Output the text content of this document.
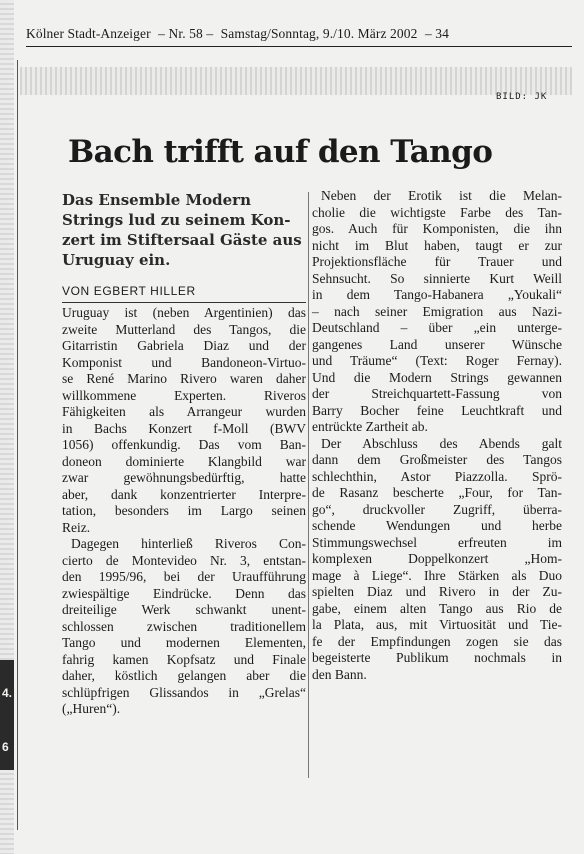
4.
6
Kölner Stadt-Anzeiger – Nr. 58 – Samstag/Sonntag, 9./10. März 2002 – 34
BILD: JK
Bach trifft auf den Tango
Das Ensemble Modern
Strings lud zu seinem Kon-
zert im Stiftersaal Gäste aus
Uruguay ein.
VON EGBERT HILLER
Uruguay ist (neben Argentinien) das
zweite Mutterland des Tangos, die
Gitarristin Gabriela Diaz und der
Komponist und Bandoneon-Virtuo-
se René Marino Rivero waren daher
willkommene Experten. Riveros
Fähigkeiten als Arrangeur wurden
in Bachs Konzert f-Moll (BWV
1056) offenkundig. Das vom Ban-
doneon dominierte Klangbild war
zwar gewöhnungsbedürftig, hatte
aber, dank konzentrierter Interpre-
tation, besonders im Largo seinen
Reiz.
Dagegen hinterließ Riveros Con-
cierto de Montevideo Nr. 3, entstan-
den 1995/96, bei der Uraufführung
zwiespältige Eindrücke. Denn das
dreiteilige Werk schwankt unent-
schlossen zwischen traditionellem
Tango und modernen Elementen,
fahrig kamen Kopfsatz und Finale
daher, köstlich gelangen aber die
schlüpfrigen Glissandos in „Grelas“
(„Huren“).
Neben der Erotik ist die Melan-
cholie die wichtigste Farbe des Tan-
gos. Auch für Komponisten, die ihn
nicht im Blut haben, taugt er zur
Projektionsfläche für Trauer und
Sehnsucht. So sinnierte Kurt Weill
in dem Tango-Habanera „Youkali“
– nach seiner Emigration aus Nazi-
Deutschland – über „ein unterge-
gangenes Land unserer Wünsche
und Träume“ (Text: Roger Fernay).
Und die Modern Strings gewannen
der Streichquartett-Fassung von
Barry Bocher feine Leuchtkraft und
entrückte Zartheit ab.
Der Abschluss des Abends galt
dann dem Großmeister des Tangos
schlechthin, Astor Piazzolla. Sprö-
de Rasanz bescherte „Four, for Tan-
go“, druckvoller Zugriff, überra-
schende Wendungen und herbe
Stimmungswechsel erfreuten im
komplexen Doppelkonzert „Hom-
mage à Liege“. Ihre Stärken als Duo
spielten Diaz und Rivero in der Zu-
gabe, einem alten Tango aus Rio de
la Plata, aus, mit Virtuosität und Tie-
fe der Empfindungen zogen sie das
begeisterte Publikum nochmals in
den Bann.
